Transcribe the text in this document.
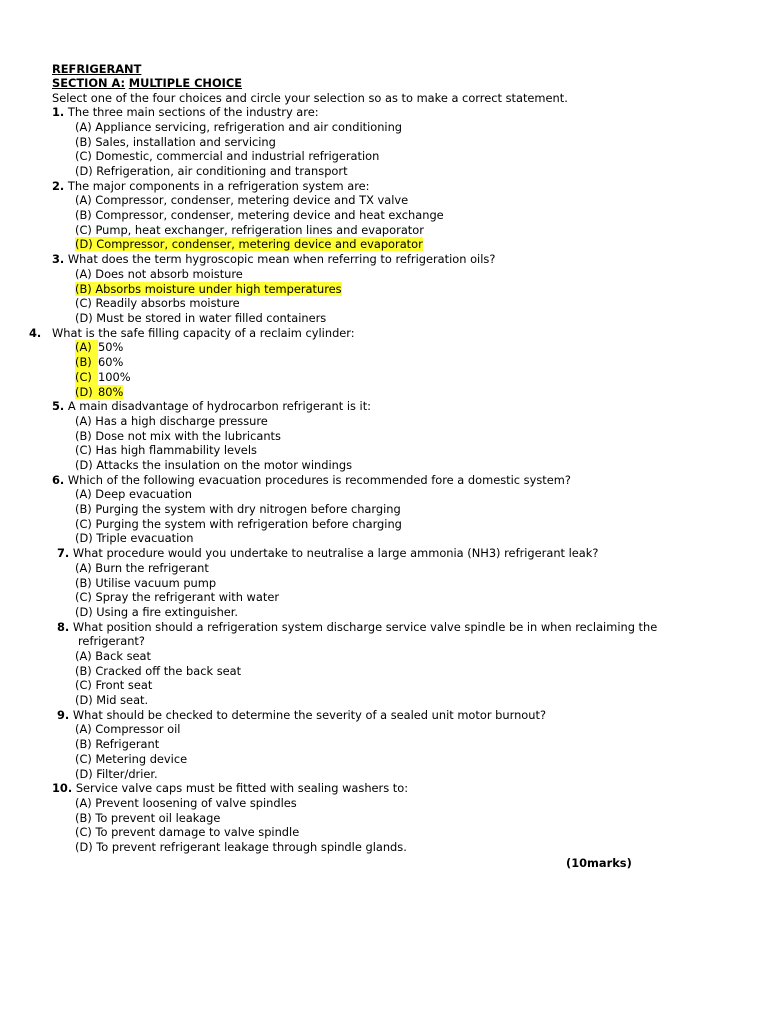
REFRIGERANT
SECTION A: MULTIPLE CHOICE
Select one of the four choices and circle your selection so as to make a correct statement.
1. The three main sections of the industry are:
(A) Appliance servicing, refrigeration and air conditioning
(B) Sales, installation and servicing
(C) Domestic, commercial and industrial refrigeration
(D) Refrigeration, air conditioning and transport
2. The major components in a refrigeration system are:
(A) Compressor, condenser, metering device and TX valve
(B) Compressor, condenser, metering device and heat exchange
(C) Pump, heat exchanger, refrigeration lines and evaporator
(D) Compressor, condenser, metering device and evaporator
3. What does the term hygroscopic mean when referring to refrigeration oils?
(A) Does not absorb moisture
(B) Absorbs moisture under high temperatures
(C) Readily absorbs moisture
(D) Must be stored in water filled containers
4. What is the safe filling capacity of a reclaim cylinder:
(A) 50%
(B) 60%
(C) 100%
(D) 80%
5. A main disadvantage of hydrocarbon refrigerant is it:
(A) Has a high discharge pressure
(B) Dose not mix with the lubricants
(C) Has high flammability levels
(D) Attacks the insulation on the motor windings
6. Which of the following evacuation procedures is recommended fore a domestic system?
(A) Deep evacuation
(B) Purging the system with dry nitrogen before charging
(C) Purging the system with refrigeration before charging
(D) Triple evacuation
7. What procedure would you undertake to neutralise a large ammonia (NH3) refrigerant leak?
(A) Burn the refrigerant
(B) Utilise vacuum pump
(C) Spray the refrigerant with water
(D) Using a fire extinguisher.
8. What position should a refrigeration system discharge service valve spindle be in when reclaiming the
refrigerant?
(A) Back seat
(B) Cracked off the back seat
(C) Front seat
(D) Mid seat.
9. What should be checked to determine the severity of a sealed unit motor burnout?
(A) Compressor oil
(B) Refrigerant
(C) Metering device
(D) Filter/drier.
10. Service valve caps must be fitted with sealing washers to:
(A) Prevent loosening of valve spindles
(B) To prevent oil leakage
(C) To prevent damage to valve spindle
(D) To prevent refrigerant leakage through spindle glands.
(10marks)
